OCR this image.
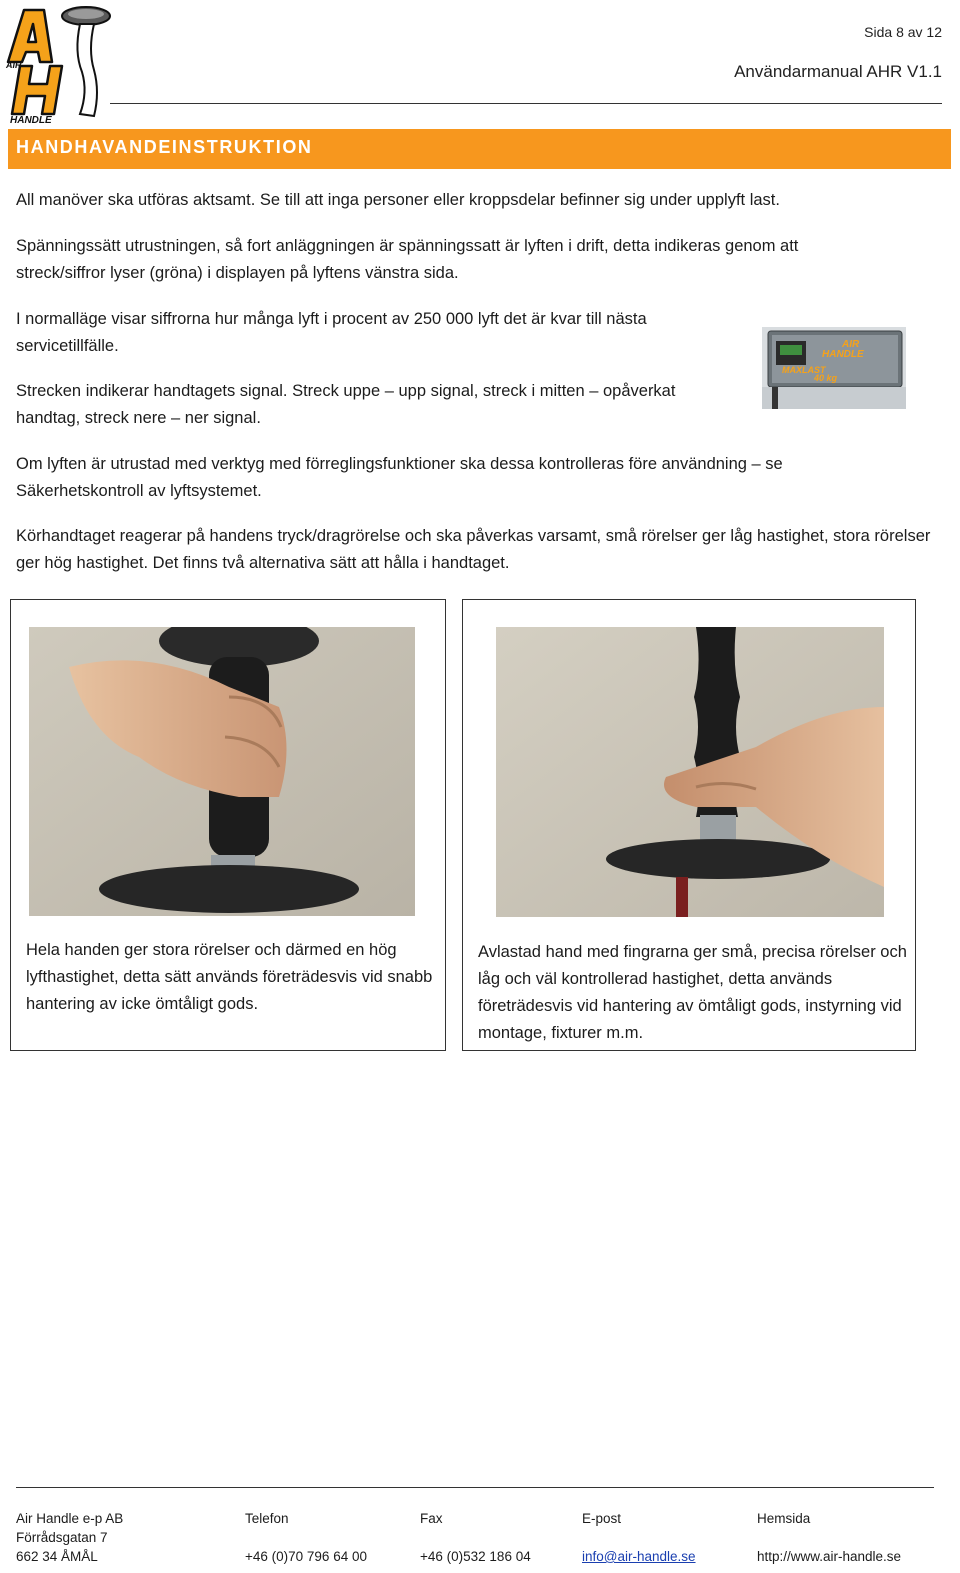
AIR
HANDLE
Sida 8 av 12
Användarmanual AHR V1.1
HANDHAVANDEINSTRUKTION
All manöver ska utföras aktsamt. Se till att inga personer eller kroppsdelar befinner sig under upplyft last.
Spänningssätt utrustningen, så fort anläggningen är spänningssatt är lyften i drift, detta indikeras genom att streck/siffror lyser (gröna) i displayen på lyftens vänstra sida.
I normalläge visar siffrorna hur många lyft i procent av 250 000 lyft det är kvar till nästa servicetillfälle.
Strecken indikerar handtagets signal. Streck uppe – upp signal, streck i mitten – opåverkat handtag, streck nere – ner signal.
Om lyften är utrustad med verktyg med förreglingsfunktioner ska dessa kontrolleras före användning – se Säkerhetskontroll av lyftsystemet.
Körhandtaget reagerar på handens tryck/dragrörelse och ska påverkas varsamt, små rörelser ger låg hastighet, stora rörelser ger hög hastighet. Det finns två alternativa sätt att hålla i handtaget.
AIR
HANDLE
MAXLAST
40 kg
Hela handen ger stora rörelser och därmed en hög lyfthastighet, detta sätt används företrädesvis vid snabb hantering av icke ömtåligt gods.
Avlastad hand med fingrarna ger små, precisa rörelser och låg och väl kontrollerad hastighet, detta används företrädesvis vid hantering av ömtåligt gods, instyrning vid montage, fixturer m.m.
Air Handle e-p AB
Förrådsgatan 7
662 34 ÅMÅL
Telefon
+46 (0)70 796 64 00
Fax
+46 (0)532 186 04
E-post
info@air-handle.se
Hemsida
http://www.air-handle.se
